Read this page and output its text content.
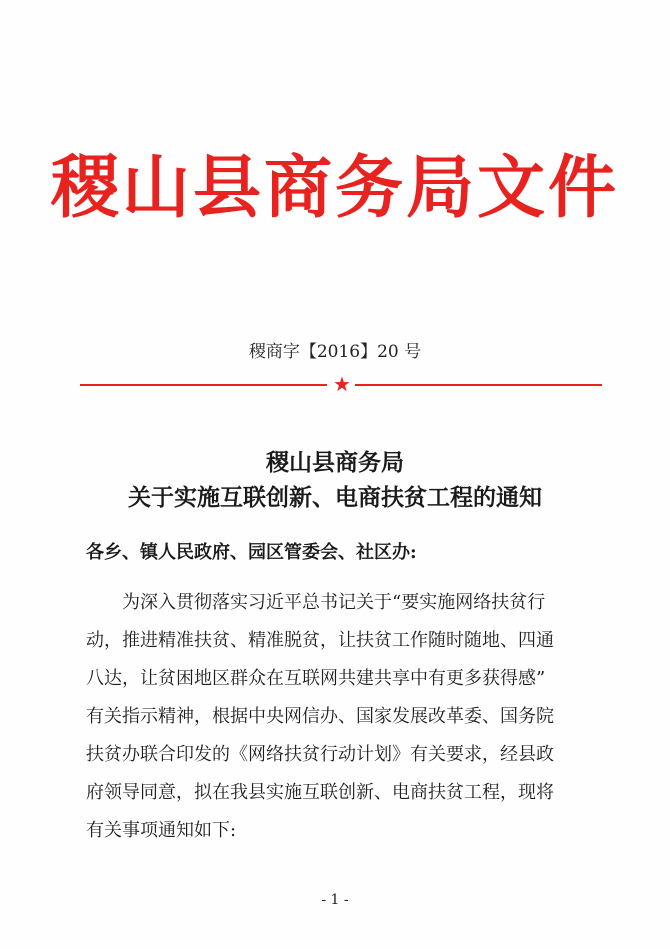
稷山县商务局文件
稷商字【2016】20 号
★
稷山县商务局
关于实施互联创新、电商扶贫工程的通知
各乡、镇人民政府、园区管委会、社区办:
为深入贯彻落实习近平总书记关于“要实施网络扶贫行
动，推进精准扶贫、精准脱贫，让扶贫工作随时随地、四通
八达，让贫困地区群众在互联网共建共享中有更多获得感”
有关指示精神，根据中央网信办、国家发展改革委、国务院
扶贫办联合印发的《网络扶贫行动计划》有关要求，经县政
府领导同意，拟在我县实施互联创新、电商扶贫工程，现将
有关事项通知如下:
- 1 -
